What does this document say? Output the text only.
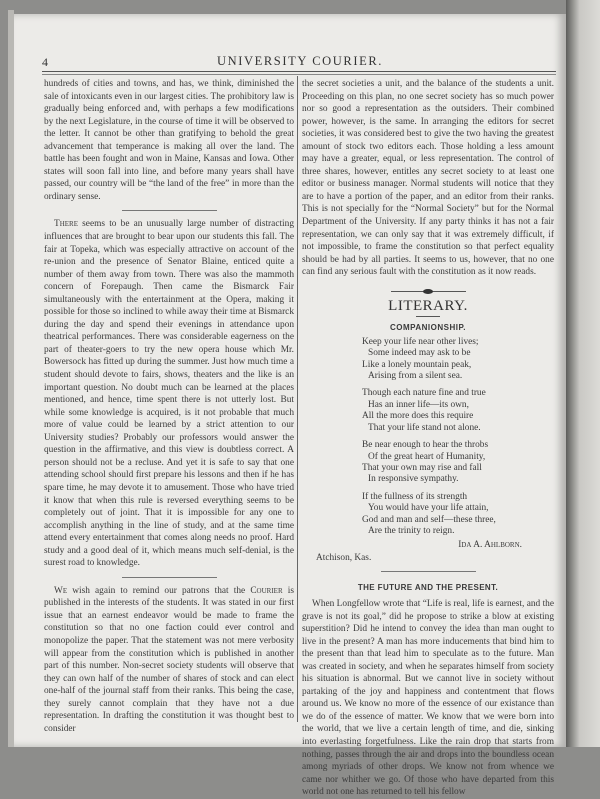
4	UNIVERSITY COURIER.

hundreds of cities and towns, and has, we think, diminished the sale of intoxicants even in our largest cities. The prohibitory law is gradually being enforced and, with perhaps a few modifications by the next Legislature, in the course of time it will be observed to the letter. It cannot be other than gratifying to behold the great advancement that temperance is making all over the land. The battle has been fought and won in Maine, Kansas and Iowa. Other states will soon fall into line, and before many years shall have passed, our country will be “the land of the free” in more than the ordinary sense.

There seems to be an unusually large number of distracting influences that are brought to bear upon our students this fall. The fair at Topeka, which was especially attractive on account of the re-union and the presence of Senator Blaine, enticed quite a number of them away from town. There was also the mammoth concern of Forepaugh. Then came the Bismarck Fair simultaneously with the entertainment at the Opera, making it possible for those so inclined to while away their time at Bismarck during the day and spend their evenings in attendance upon theatrical performances. There was considerable eagerness on the part of theater-goers to try the new opera house which Mr. Bowersock has fitted up during the summer. Just how much time a student should devote to fairs, shows, theaters and the like is an important question. No doubt much can be learned at the places mentioned, and hence, time spent there is not utterly lost. But while some knowledge is acquired, is it not probable that much more of value could be learned by a strict attention to our University studies? Probably our professors would answer the question in the affirmative, and this view is doubtless correct. A person should not be a recluse. And yet it is safe to say that one attending school should first prepare his lessons and then if he has spare time, he may devote it to amusement. Those who have tried it know that when this rule is reversed everything seems to be completely out of joint. That it is impossible for any one to accomplish anything in the line of study, and at the same time attend every entertainment that comes along needs no proof. Hard study and a good deal of it, which means much self-denial, is the surest road to knowledge.

We wish again to remind our patrons that the Courier is published in the interests of the students. It was stated in our first issue that an earnest endeavor would be made to frame the constitution so that no one faction could ever control and monopolize the paper. That the statement was not mere verbosity will appear from the constitution which is published in another part of this number. Non-secret society students will observe that they can own half of the number of shares of stock and can elect one-half of the journal staff from their ranks. This being the case, they surely cannot complain that they have not a due representation. In drafting the constitution it was thought best to consider

the secret societies a unit, and the balance of the students a unit. Proceeding on this plan, no one secret society has so much power nor so good a representation as the outsiders. Their combined power, however, is the same. In arranging the editors for secret societies, it was considered best to give the two having the greatest amount of stock two editors each. Those holding a less amount may have a greater, equal, or less representation. The control of three shares, however, entitles any secret society to at least one editor or business manager. Normal students will notice that they are to have a portion of the paper, and an editor from their ranks. This is not specially for the “Normal Society” but for the Normal Department of the University. If any party thinks it has not a fair representation, we can only say that it was extremely difficult, if not impossible, to frame the constitution so that perfect equality should be had by all parties. It seems to us, however, that no one can find any serious fault with the constitution as it now reads.

LITERARY.
COMPANIONSHIP.
Keep your life near other lives;
Some indeed may ask to be
Like a lonely mountain peak,
Arising from a silent sea.
Though each nature fine and true
Has an inner life—its own,
All the more does this require
That your life stand not alone.
Be near enough to hear the throbs
Of the great heart of Humanity,
That your own may rise and fall
In responsive sympathy.
If the fullness of its strength
You would have your life attain,
God and man and self—these three,
Are the trinity to reign.
Ida A. Ahlborn.
Atchison, Kas.
THE FUTURE AND THE PRESENT.

When Longfellow wrote that “Life is real, life is earnest, and the grave is not its goal,” did he propose to strike a blow at existing superstition? Did he intend to convey the idea than man ought to live in the present? A man has more inducements that bind him to the present than that lead him to speculate as to the future. Man was created in society, and when he separates himself from society his situation is abnormal. But we cannot live in society without partaking of the joy and happiness and contentment that flows around us. We know no more of the essence of our existance than we do of the essence of matter. We know that we were born into the world, that we live a certain length of time, and die, sinking into everlasting forgetfulness. Like the rain drop that starts from nothing, passes through the air and drops into the boundless ocean among myriads of other drops. We know not from whence we came nor whither we go. Of those who have departed from this world not one has returned to tell his fellow
